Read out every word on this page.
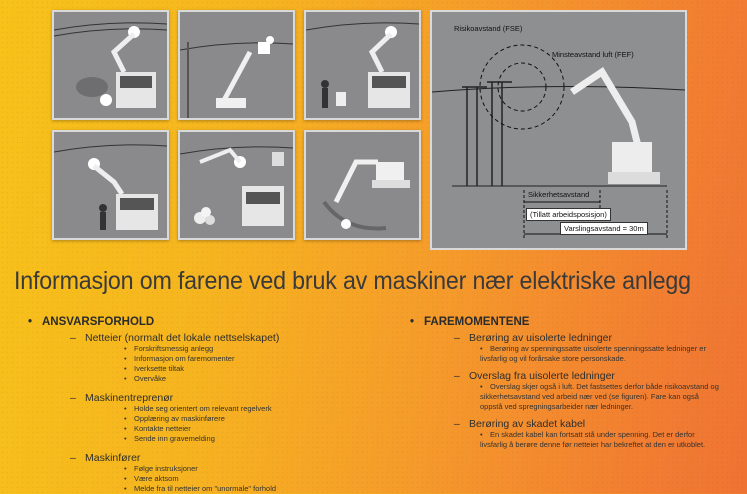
Risikoavstand (FSE)
Minsteavstand luft (FEF)
Sikkerhetsavstand
(Tillatt arbeidsposisjon)
Varslingsavstand = 30m
Informasjon om farene ved bruk av maskiner nær elektriske anlegg
• ANSVARSFORHOLD
– Netteier (normalt det lokale nettselskapet)
• Forskriftsmessig anlegg
• Informasjon om faremomenter
• Iverksette tiltak
• Overvåke
– Maskinentreprenør
• Holde seg orientert om relevant regelverk
• Opplæring av maskinførere
• Kontakte netteier
• Sende inn gravemelding
– Maskinfører
• Følge instruksjoner
• Være aktsom
• Melde fra til netteier om "unormale" forhold
• FAREMOMENTENE
– Berøring av uisolerte ledninger
• Berøring av spenningssatte uisolerte spenningssatte ledninger er livsfarlig og vil forårsake store personskade.
– Overslag fra uisolerte ledninger
• Overslag skjer også i luft. Det fastsettes derfor både risikoavstand og sikkerhetsavstand ved arbeid nær ved (se figuren). Fare kan også oppstå ved spregningsarbeider nær ledninger.
– Berøring av skadet kabel
• En skadet kabel kan fortsatt stå under spenning. Det er derfor livsfarlig å berøre denne før netteier har bekreftet at den er utkoblet.
